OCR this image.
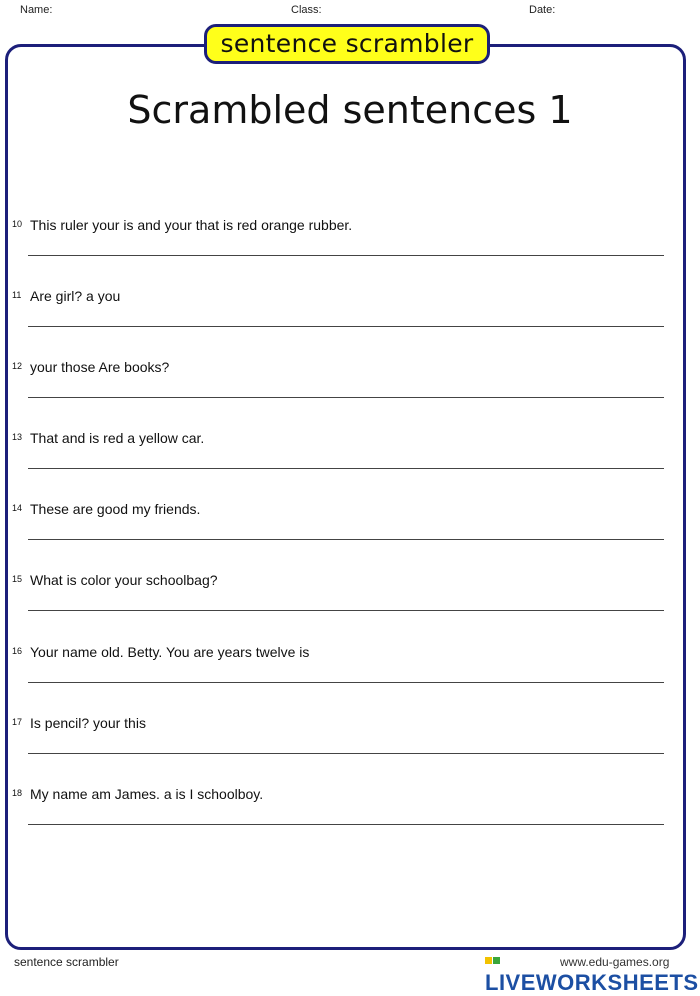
Name:	Class:	Date:
sentence scrambler
Scrambled sentences 1
10 This ruler your is and your that is red orange rubber.
11 Are girl? a you
12 your those Are books?
13 That and is red a yellow car.
14 These are good my friends.
15 What is color your schoolbag?
16 Your name old. Betty. You are years twelve is
17 Is pencil? your this
18 My name am James. a is I schoolboy.
sentence scrambler
LIVEWORKSHEETS
www.edu-games.org
